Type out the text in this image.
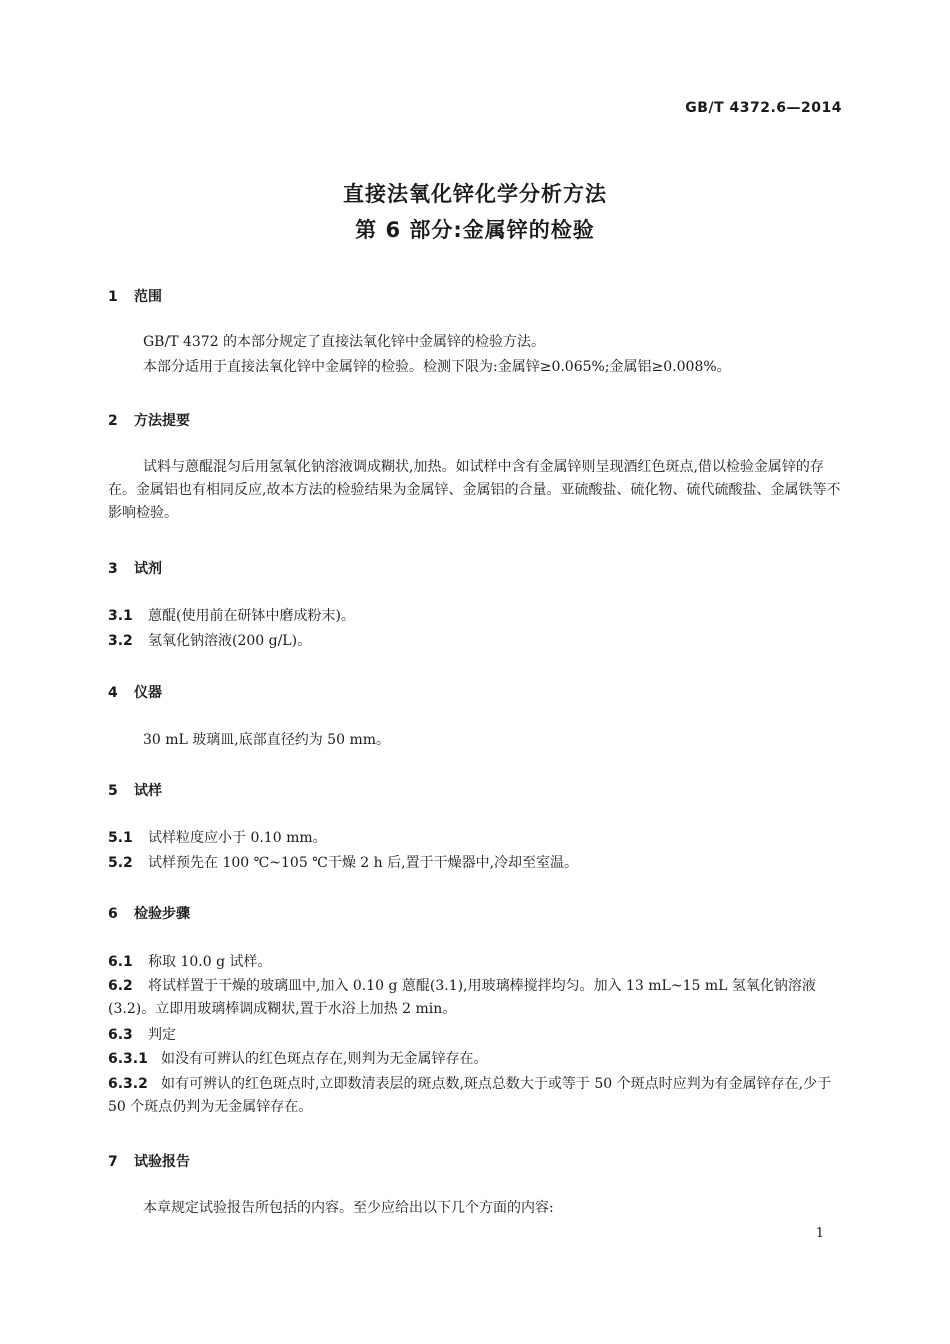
GB/T 4372.6—2014
直接法氧化锌化学分析方法
第 6 部分:金属锌的检验
1 范围
GB/T 4372 的本部分规定了直接法氧化锌中金属锌的检验方法。
本部分适用于直接法氧化锌中金属锌的检验。检测下限为:金属锌≥0.065%;金属铝≥0.008%。
2 方法提要
试料与蒽醌混匀后用氢氧化钠溶液调成糊状,加热。如试样中含有金属锌则呈现酒红色斑点,借以检验金属锌的存在。金属铝也有相同反应,故本方法的检验结果为金属锌、金属铝的合量。亚硫酸盐、硫化物、硫代硫酸盐、金属铁等不影响检验。
3 试剂
3.1 蒽醌(使用前在研钵中磨成粉末)。
3.2 氢氧化钠溶液(200 g/L)。
4 仪器
30 mL 玻璃皿,底部直径约为 50 mm。
5 试样
5.1 试样粒度应小于 0.10 mm。
5.2 试样预先在 100 ℃~105 ℃干燥 2 h 后,置于干燥器中,冷却至室温。
6 检验步骤
6.1 称取 10.0 g 试样。
6.2 将试样置于干燥的玻璃皿中,加入 0.10 g 蒽醌(3.1),用玻璃棒搅拌均匀。加入 13 mL~15 mL 氢氧化钠溶液(3.2)。立即用玻璃棒调成糊状,置于水浴上加热 2 min。
6.3 判定
6.3.1 如没有可辨认的红色斑点存在,则判为无金属锌存在。
6.3.2 如有可辨认的红色斑点时,立即数清表层的斑点数,斑点总数大于或等于 50 个斑点时应判为有金属锌存在,少于 50 个斑点仍判为无金属锌存在。
7 试验报告
本章规定试验报告所包括的内容。至少应给出以下几个方面的内容:
1
